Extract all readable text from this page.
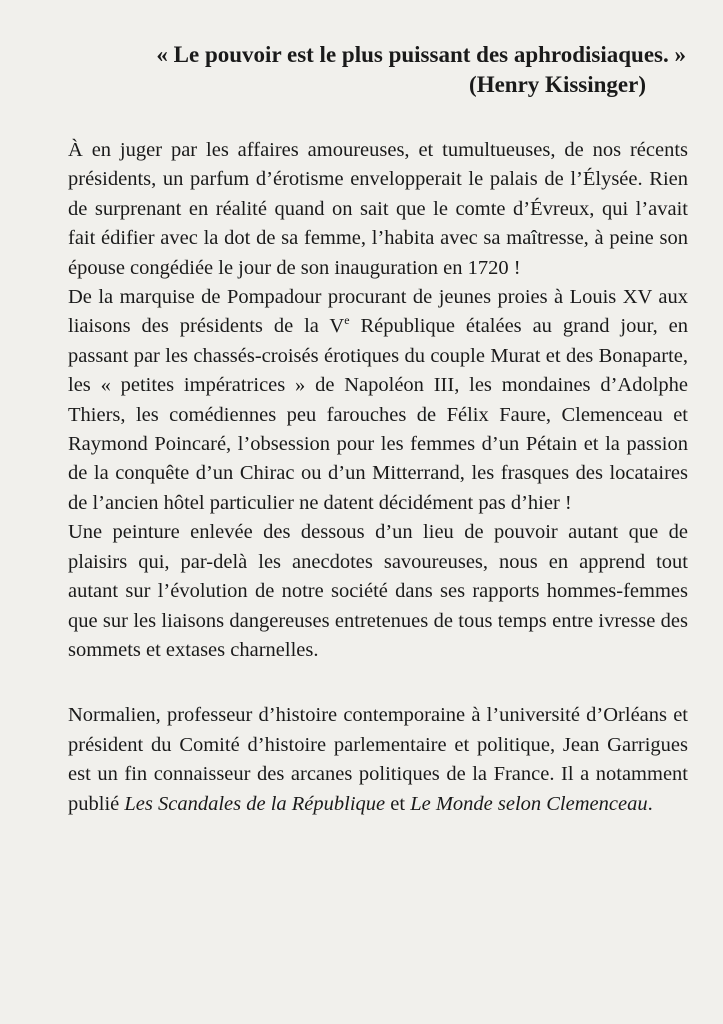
« Le pouvoir est le plus puissant des aphrodisiaques. »
(Henry Kissinger)

À en juger par les affaires amoureuses, et tumultueuses, de nos récents présidents, un parfum d’érotisme envelopperait le palais de l’Élysée. Rien de surprenant en réalité quand on sait que le comte d’Évreux, qui l’avait fait édifier avec la dot de sa femme, l’habita avec sa maîtresse, à peine son épouse congédiée le jour de son inauguration en 1720 !

De la marquise de Pompadour procurant de jeunes proies à Louis XV aux liaisons des présidents de la Ve République étalées au grand jour, en passant par les chassés-croisés érotiques du couple Murat et des Bonaparte, les « petites impératrices » de Napoléon III, les mondaines d’Adolphe Thiers, les comédiennes peu farouches de Félix Faure, Clemenceau et Raymond Poincaré, l’obsession pour les femmes d’un Pétain et la passion de la conquête d’un Chirac ou d’un Mitterrand, les frasques des locataires de l’ancien hôtel particulier ne datent décidément pas d’hier !

Une peinture enlevée des dessous d’un lieu de pouvoir autant que de plaisirs qui, par-delà les anecdotes savoureuses, nous en apprend tout autant sur l’évolution de notre société dans ses rapports hommes-femmes que sur les liaisons dangereuses entretenues de tous temps entre ivresse des sommets et extases charnelles.

Normalien, professeur d’histoire contemporaine à l’université d’Orléans et président du Comité d’histoire parlementaire et politique, Jean Garrigues est un fin connaisseur des arcanes politiques de la France. Il a notamment publié Les Scandales de la République et Le Monde selon Clemenceau.
